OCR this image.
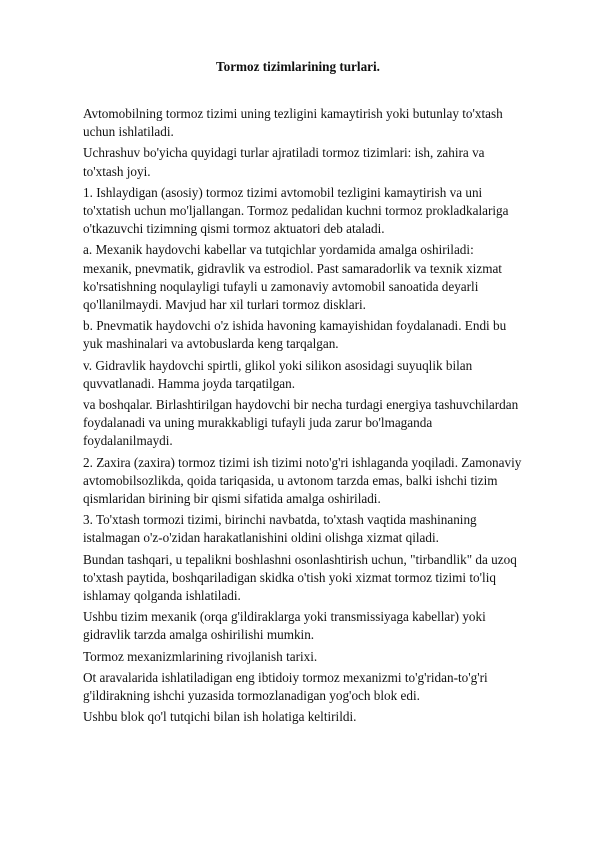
Tormoz tizimlarining turlari.

Avtomobilning tormoz tizimi uning tezligini kamaytirish yoki butunlay to'xtash
uchun ishlatiladi.

Uchrashuv bo'yicha quyidagi turlar ajratiladi tormoz tizimlari: ish, zahira va
to'xtash joyi.

1. Ishlaydigan (asosiy) tormoz tizimi avtomobil tezligini kamaytirish va uni
to'xtatish uchun mo'ljallangan. Tormoz pedalidan kuchni tormoz prokladkalariga
o'tkazuvchi tizimning qismi tormoz aktuatori deb ataladi.

a. Mexanik haydovchi kabellar va tutqichlar yordamida amalga oshiriladi:
mexanik, pnevmatik, gidravlik va estrodiol. Past samaradorlik va texnik xizmat
ko'rsatishning noqulayligi tufayli u zamonaviy avtomobil sanoatida deyarli
qo'llanilmaydi. Mavjud har xil turlari tormoz disklari.

b. Pnevmatik haydovchi o'z ishida havoning kamayishidan foydalanadi. Endi bu
yuk mashinalari va avtobuslarda keng tarqalgan.

v. Gidravlik haydovchi spirtli, glikol yoki silikon asosidagi suyuqlik bilan
quvvatlanadi. Hamma joyda tarqatilgan.

va boshqalar. Birlashtirilgan haydovchi bir necha turdagi energiya tashuvchilardan
foydalanadi va uning murakkabligi tufayli juda zarur bo'lmaganda
foydalanilmaydi.

2. Zaxira (zaxira) tormoz tizimi ish tizimi noto'g'ri ishlaganda yoqiladi. Zamonaviy
avtomobilsozlikda, qoida tariqasida, u avtonom tarzda emas, balki ishchi tizim
qismlaridan birining bir qismi sifatida amalga oshiriladi.

3. To'xtash tormozi tizimi, birinchi navbatda, to'xtash vaqtida mashinaning
istalmagan o'z-o'zidan harakatlanishini oldini olishga xizmat qiladi.

Bundan tashqari, u tepalikni boshlashni osonlashtirish uchun, "tirbandlik" da uzoq
to'xtash paytida, boshqariladigan skidka o'tish yoki xizmat tormoz tizimi to'liq
ishlamay qolganda ishlatiladi.

Ushbu tizim mexanik (orqa g'ildiraklarga yoki transmissiyaga kabellar) yoki
gidravlik tarzda amalga oshirilishi mumkin.

Tormoz mexanizmlarining rivojlanish tarixi.

Ot aravalarida ishlatiladigan eng ibtidoiy tormoz mexanizmi to'g'ridan-to'g'ri
g'ildirakning ishchi yuzasida tormozlanadigan yog'och blok edi.

Ushbu blok qo'l tutqichi bilan ish holatiga keltirildi.
